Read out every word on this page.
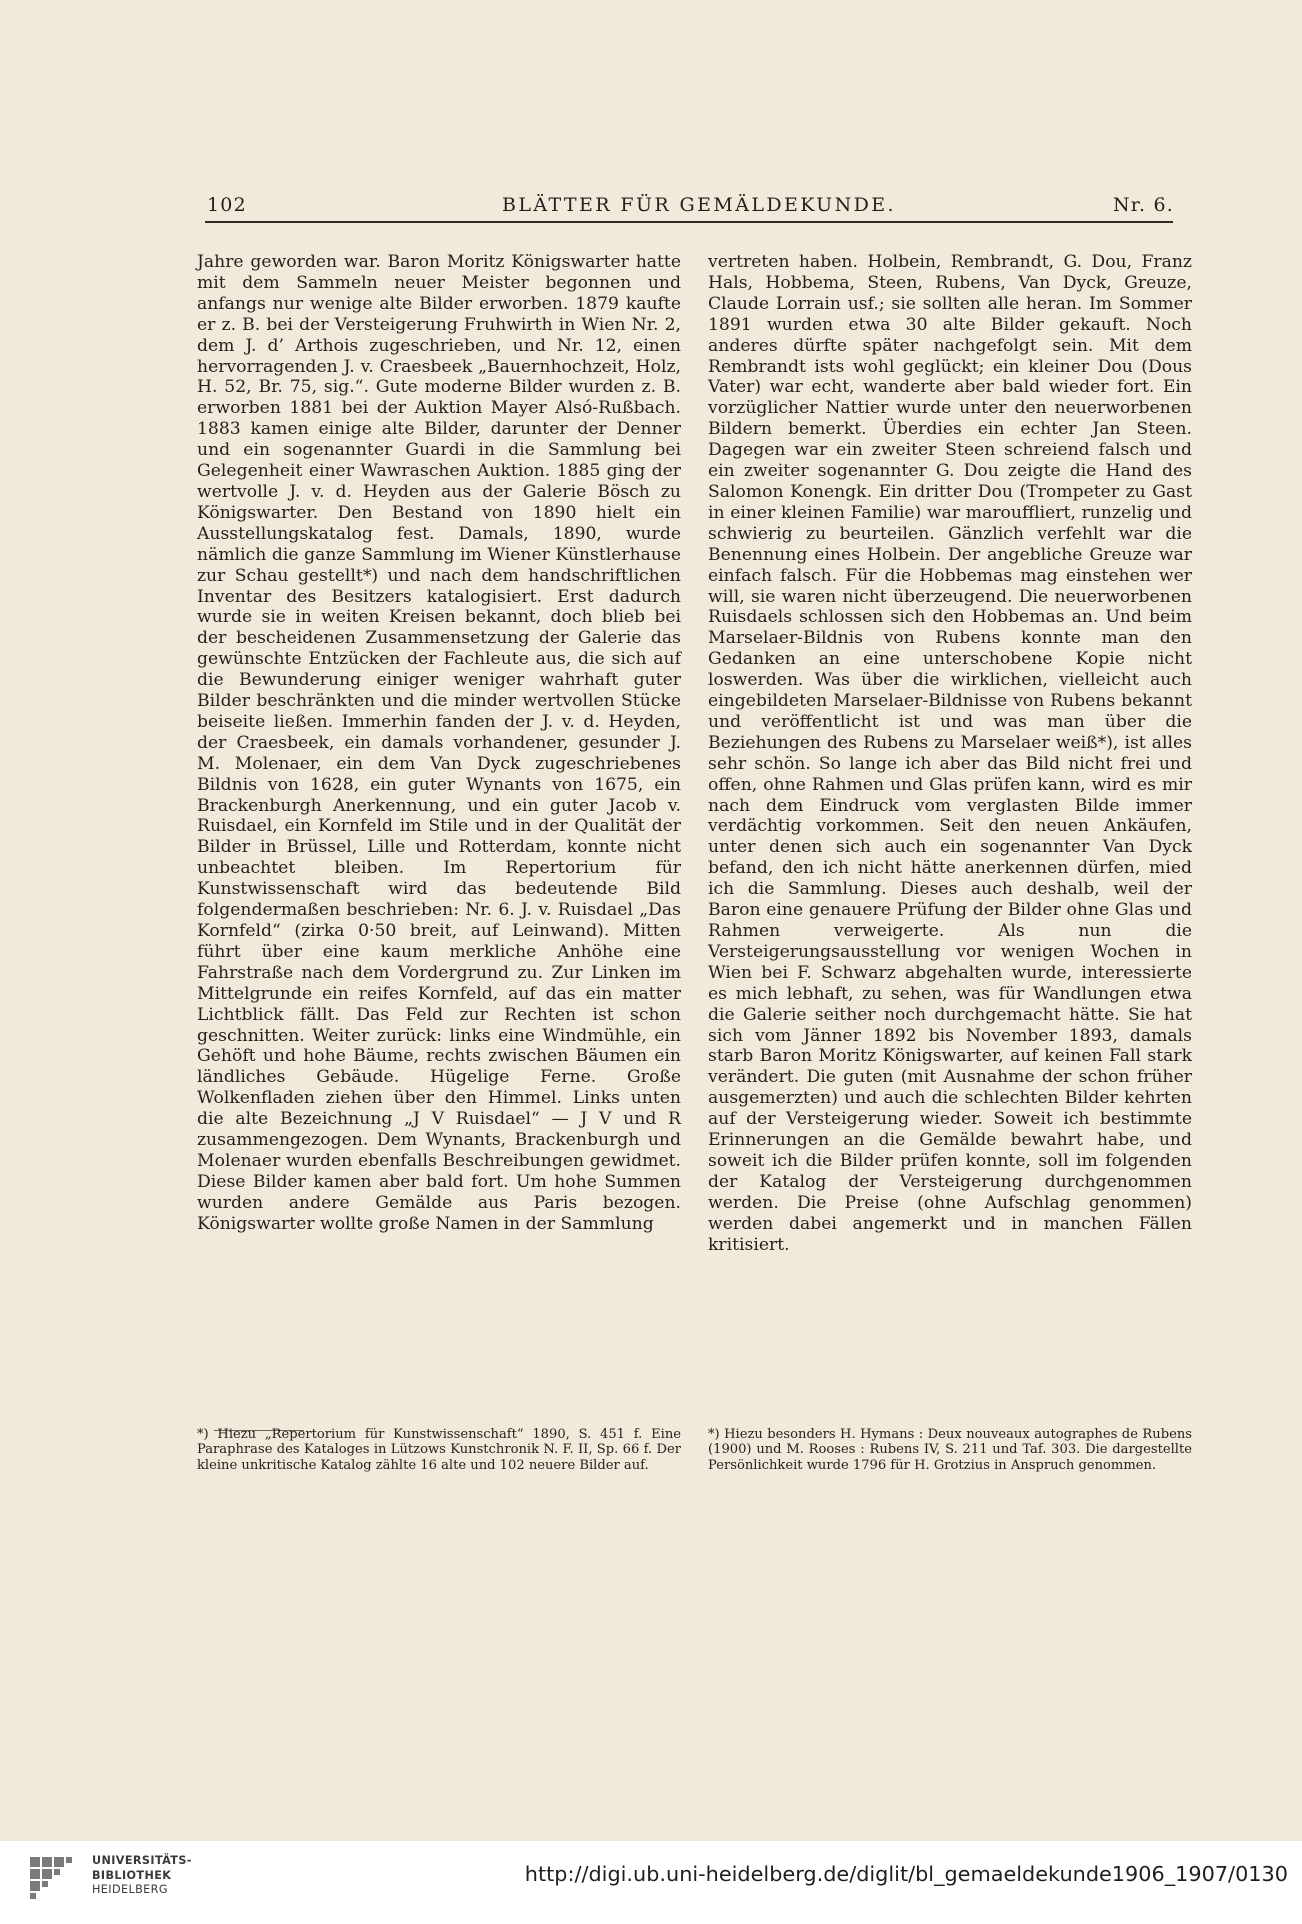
102	BLÄTTER FÜR GEMÄLDEKUNDE.	Nr. 6.

Jahre geworden war. Baron Moritz Königswarter hatte mit dem Sammeln neuer Meister begonnen und anfangs nur wenige alte Bilder erworben. 1879 kaufte er z. B. bei der Versteigerung Fruhwirth in Wien Nr. 2, dem J. d’ Arthois zugeschrieben, und Nr. 12, einen hervorragenden J. v. Craesbeek „Bauernhochzeit, Holz, H. 52, Br. 75, sig.“. Gute moderne Bilder wurden z. B. erworben 1881 bei der Auktion Mayer Alsó-Rußbach. 1883 kamen einige alte Bilder, darunter der Denner und ein sogenannter Guardi in die Sammlung bei Gelegenheit einer Wawraschen Auktion. 1885 ging der wertvolle J. v. d. Heyden aus der Galerie Bösch zu Königswarter. Den Bestand von 1890 hielt ein Ausstellungskatalog fest. Damals, 1890, wurde nämlich die ganze Sammlung im Wiener Künstlerhause zur Schau gestellt*) und nach dem handschriftlichen Inventar des Besitzers katalogisiert. Erst dadurch wurde sie in weiten Kreisen bekannt, doch blieb bei der bescheidenen Zusammensetzung der Galerie das gewünschte Entzücken der Fachleute aus, die sich auf die Bewunderung einiger weniger wahrhaft guter Bilder beschränkten und die minder wertvollen Stücke beiseite ließen. Immerhin fanden der J. v. d. Heyden, der Craesbeek, ein damals vorhandener, gesunder J. M. Molenaer, ein dem Van Dyck zugeschriebenes Bildnis von 1628, ein guter Wynants von 1675, ein Brackenburgh Anerkennung, und ein guter Jacob v. Ruisdael, ein Kornfeld im Stile und in der Qualität der Bilder in Brüssel, Lille und Rotterdam, konnte nicht unbeachtet bleiben. Im Repertorium für Kunstwissenschaft wird das bedeutende Bild folgendermaßen beschrieben: Nr. 6. J. v. Ruisdael „Das Kornfeld“ (zirka 0·50 breit, auf Leinwand). Mitten führt über eine kaum merkliche Anhöhe eine Fahrstraße nach dem Vordergrund zu. Zur Linken im Mittelgrunde ein reifes Kornfeld, auf das ein matter Lichtblick fällt. Das Feld zur Rechten ist schon geschnitten. Weiter zurück: links eine Windmühle, ein Gehöft und hohe Bäume, rechts zwischen Bäumen ein ländliches Gebäude. Hügelige Ferne. Große Wolkenfladen ziehen über den Himmel. Links unten die alte Bezeichnung „J V Ruisdael“ — J V und R zusammengezogen. Dem Wynants, Brackenburgh und Molenaer wurden ebenfalls Beschreibungen gewidmet. Diese Bilder kamen aber bald fort. Um hohe Summen wurden andere Gemälde aus Paris bezogen. Königswarter wollte große Namen in der Sammlung

vertreten haben. Holbein, Rembrandt, G. Dou, Franz Hals, Hobbema, Steen, Rubens, Van Dyck, Greuze, Claude Lorrain usf.; sie sollten alle heran. Im Sommer 1891 wurden etwa 30 alte Bilder gekauft. Noch anderes dürfte später nachgefolgt sein. Mit dem Rembrandt ists wohl geglückt; ein kleiner Dou (Dous Vater) war echt, wanderte aber bald wieder fort. Ein vorzüglicher Nattier wurde unter den neuerworbenen Bildern bemerkt. Überdies ein echter Jan Steen. Dagegen war ein zweiter Steen schreiend falsch und ein zweiter sogenannter G. Dou zeigte die Hand des Salomon Konengk. Ein dritter Dou (Trompeter zu Gast in einer kleinen Familie) war marouffliert, runzelig und schwierig zu beurteilen. Gänzlich verfehlt war die Benennung eines Holbein. Der angebliche Greuze war einfach falsch. Für die Hobbemas mag einstehen wer will, sie waren nicht überzeugend. Die neuerworbenen Ruisdaels schlossen sich den Hobbemas an. Und beim Marselaer-Bildnis von Rubens konnte man den Gedanken an eine unterschobene Kopie nicht loswerden. Was über die wirklichen, vielleicht auch eingebildeten Marselaer-Bildnisse von Rubens bekannt und veröffentlicht ist und was man über die Beziehungen des Rubens zu Marselaer weiß*), ist alles sehr schön. So lange ich aber das Bild nicht frei und offen, ohne Rahmen und Glas prüfen kann, wird es mir nach dem Eindruck vom verglasten Bilde immer verdächtig vorkommen. Seit den neuen Ankäufen, unter denen sich auch ein sogenannter Van Dyck befand, den ich nicht hätte anerkennen dürfen, mied ich die Sammlung. Dieses auch deshalb, weil der Baron eine genauere Prüfung der Bilder ohne Glas und Rahmen verweigerte. Als nun die Versteigerungsausstellung vor wenigen Wochen in Wien bei F. Schwarz abgehalten wurde, interessierte es mich lebhaft, zu sehen, was für Wandlungen etwa die Galerie seither noch durchgemacht hätte. Sie hat sich vom Jänner 1892 bis November 1893, damals starb Baron Moritz Königswarter, auf keinen Fall stark verändert. Die guten (mit Ausnahme der schon früher ausgemerzten) und auch die schlechten Bilder kehrten auf der Versteigerung wieder. Soweit ich bestimmte Erinnerungen an die Gemälde bewahrt habe, und soweit ich die Bilder prüfen konnte, soll im folgenden der Katalog der Versteigerung durchgenommen werden. Die Preise (ohne Aufschlag genommen) werden dabei angemerkt und in manchen Fällen kritisiert.

*) Hiezu „Repertorium für Kunstwissenschaft“ 1890, S. 451 f. Eine Paraphrase des Kataloges in Lützows Kunstchronik N. F. II, Sp. 66 f. Der kleine unkritische Katalog zählte 16 alte und 102 neuere Bilder auf.
*) Hiezu besonders H. Hymans : Deux nouveaux autographes de Rubens (1900) und M. Rooses : Rubens IV, S. 211 und Taf. 303. Die dargestellte Persönlichkeit wurde 1796 für H. Grotzius in Anspruch genommen.
UNIVERSITÄTS-
BIBLIOTHEK
HEIDELBERG
http://digi.ub.uni-heidelberg.de/diglit/bl_gemaeldekunde1906_1907/0130
